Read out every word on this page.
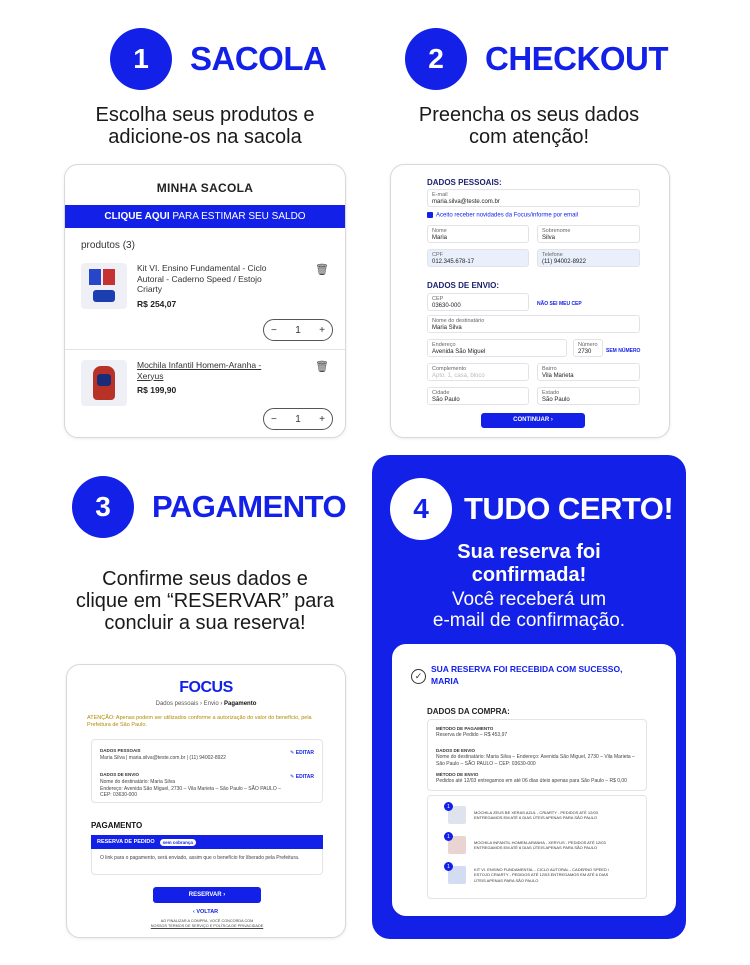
1	SACOLA
Escolha seus produtos e
adicione-os na sacola
MINHA SACOLA
CLIQUE AQUI PARA ESTIMAR SEU SALDO
produtos (3)
Kit VI. Ensino Fundamental - Ciclo Autoral - Caderno Speed / Estojo Criarty
R$ 254,07
🗑
− 1 +
Mochila Infantil Homem-Aranha - Xeryus
R$ 199,90
🗑
− 1 +
2	CHECKOUT
Preencha os seus dados
com atenção!
DADOS PESSOAIS:
E-mail
maria.silva@teste.com.br
Aceito receber novidades da Focus/informe por email
Nome
Maria
Sobrenome
Silva
CPF
012.345.678-17
Telefone
(11) 94002-8922
DADOS DE ENVIO:
CEP
03630-000	NÃO SEI MEU CEP
Nome do destinatário
Maria Silva
Endereço
Avenida São Miguel
Número
2730	SEM NÚMERO
Complemento
Apto. 1, casa, bloco
Bairro
Vila Marieta
Cidade
São Paulo
Estado
São Paulo
CONTINUAR ›
3	PAGAMENTO
Confirme seus dados e
clique em “RESERVAR” para
concluir a sua reserva!
FOCUS
Dados pessoais › Envio › Pagamento
ATENÇÃO: Apenas podem ser utilizados conforme a autorização do valor do benefício, pela Prefeitura de São Paulo.
DADOS PESSOAIS
Maria Silva | maria.silva@teste.com.br | (11) 94002-8922
✎ EDITAR
DADOS DE ENVIO
Nome do destinatário: Maria Silva
Endereço: Avenida São Miguel, 2730 – Vila Marieta – São Paulo – SÃO PAULO – CEP: 03630-000
✎ EDITAR
PAGAMENTO
RESERVA DE PEDIDO	sem cobrança
O link para o pagamento, será enviado, assim que o benefício for liberado pela Prefeitura.
RESERVAR ›
‹ VOLTAR
AO FINALIZAR A COMPRA, VOCÊ CONCORDA COM
NOSSOS TERMOS DE SERVIÇO E POLÍTICA DE PRIVACIDADE
4	TUDO CERTO!
Sua reserva foi
confirmada!
Você receberá um
e-mail de confirmação.
✓
SUA RESERVA FOI RECEBIDA COM SUCESSO,
MARIA
DADOS DA COMPRA:
MÉTODO DE PAGAMENTO
Reserva de Pedido – R$ 453,97
DADOS DE ENVIO
Nome do destinatário: Maria Silva – Endereço: Avenida São Miguel, 2730 – Vila Marieta – São Paulo – SÃO PAULO – CEP: 03630-000
MÉTODO DE ENVIO
Pedidos até 12/03 entregamos em até 06 dias úteis apenas para São Paulo – R$ 0,00
1
MOCHILA ZEUS BE XERAS AZUL - CRIARTY - PEDIDOS ATÉ 12/03 ENTREGAMOS EM ATÉ 6 DIAS ÚTEIS APENAS PARA SÃO PAULO
1
MOCHILA INFANTIL HOMEM-ARANHA - XERYUS - PEDIDOS ATÉ 12/03 ENTREGAMOS EM ATÉ 6 DIAS ÚTEIS APENAS PARA SÃO PAULO
1	KIT VI. ENSINO FUNDAMENTAL - CICLO AUTORAL - CADERNO SPEED / ESTOJO CRIARTY - PEDIDOS ATÉ 12/03 ENTREGAMOS EM ATÉ 6 DIAS ÚTEIS APENAS PARA SÃO PAULO
